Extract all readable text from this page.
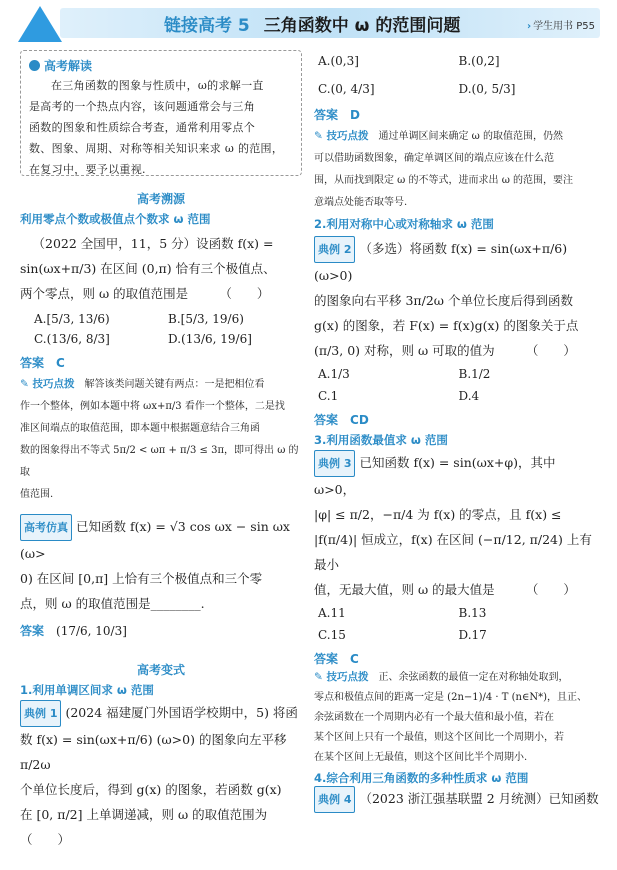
链接高考 5 三角函数中 ω 的范围问题	› 学生用书 P55
高考解读

在三角函数的图象与性质中，ω的求解一直

是高考的一个热点内容，该问题通常会与三角

函数的图象和性质综合考查，通常利用零点个

数、图象、周期、对称等相关知识来求 ω 的范围，

在复习中，要予以重视.

高考溯源
利用零点个数或极值点个数求 ω 范围
（2022 全国甲，11，5 分）设函数 f(x) =
sin(ωx+π/3) 在区间 (0,π) 恰有三个极值点、
两个零点，则 ω 的取值范围是　　　（　　）
A.[5/3, 13/6)	B.[5/3, 19/6)
C.(13/6, 8/3]	D.(13/6, 19/6]
答案　 C
✎ 技巧点拨　 解答该类问题关键有两点：一是把相位看
作一个整体，例如本题中将 ωx+π/3 看作一个整体，二是找
准区间端点的取值范围，即本题中根据题意结合三角函
数的图象得出不等式 5π/2 < ωπ + π/3 ≤ 3π，即可得出 ω 的取
值范围.
高考仿真 已知函数 f(x) = √3 cos ωx − sin ωx (ω>
0) 在区间 [0,π] 上恰有三个极值点和三个零
点，则 ω 的取值范围是________.
答案　 (17/6, 10/3]
高考变式
1.利用单调区间求 ω 范围
典例 1 (2024 福建厦门外国语学校期中，5) 将函
数 f(x) = sin(ωx+π/6) (ω>0) 的图象向左平移 π/2ω
个单位长度后，得到 g(x) 的图象，若函数 g(x)
在 [0, π/2] 上单调递减，则 ω 的取值范围为（　　）
A.(0,3]	B.(0,2]
C.(0, 4/3]	D.(0, 5/3]
答案　 D
✎ 技巧点拨　 通过单调区间来确定 ω 的取值范围，仍然
可以借助函数图象，确定单调区间的端点应该在什么范
围，从而找到限定 ω 的不等式，进而求出 ω 的范围，要注
意端点处能否取等号.
2.利用对称中心或对称轴求 ω 范围
典例 2 （多选）将函数 f(x) = sin(ωx+π/6) (ω>0)
的图象向右平移 3π/2ω 个单位长度后得到函数
g(x) 的图象，若 F(x) = f(x)g(x) 的图象关于点
(π/3, 0) 对称，则 ω 可取的值为　　　（　　）
A.1/3	B.1/2
C.1	D.4
答案　 CD
3.利用函数最值求 ω 范围
典例 3 已知函数 f(x) = sin(ωx+φ)，其中 ω>0，
|φ| ≤ π/2，−π/4 为 f(x) 的零点，且 f(x) ≤
|f(π/4)| 恒成立，f(x) 在区间 (−π/12, π/24) 上有最小
值，无最大值，则 ω 的最大值是　　　（　　）
A.11	B.13
C.15	D.17
答案　 C
✎ 技巧点拨　 正、余弦函数的最值一定在对称轴处取到，
零点和极值点间的距离一定是 (2n−1)/4 · T (n∈N*)，且正、
余弦函数在一个周期内必有一个最大值和最小值，若在
某个区间上只有一个最值，则这个区间比一个周期小，若
在某个区间上无最值，则这个区间比半个周期小.
4.综合利用三角函数的多种性质求 ω 范围
典例 4 （2023 浙江强基联盟 2 月统测）已知函数
